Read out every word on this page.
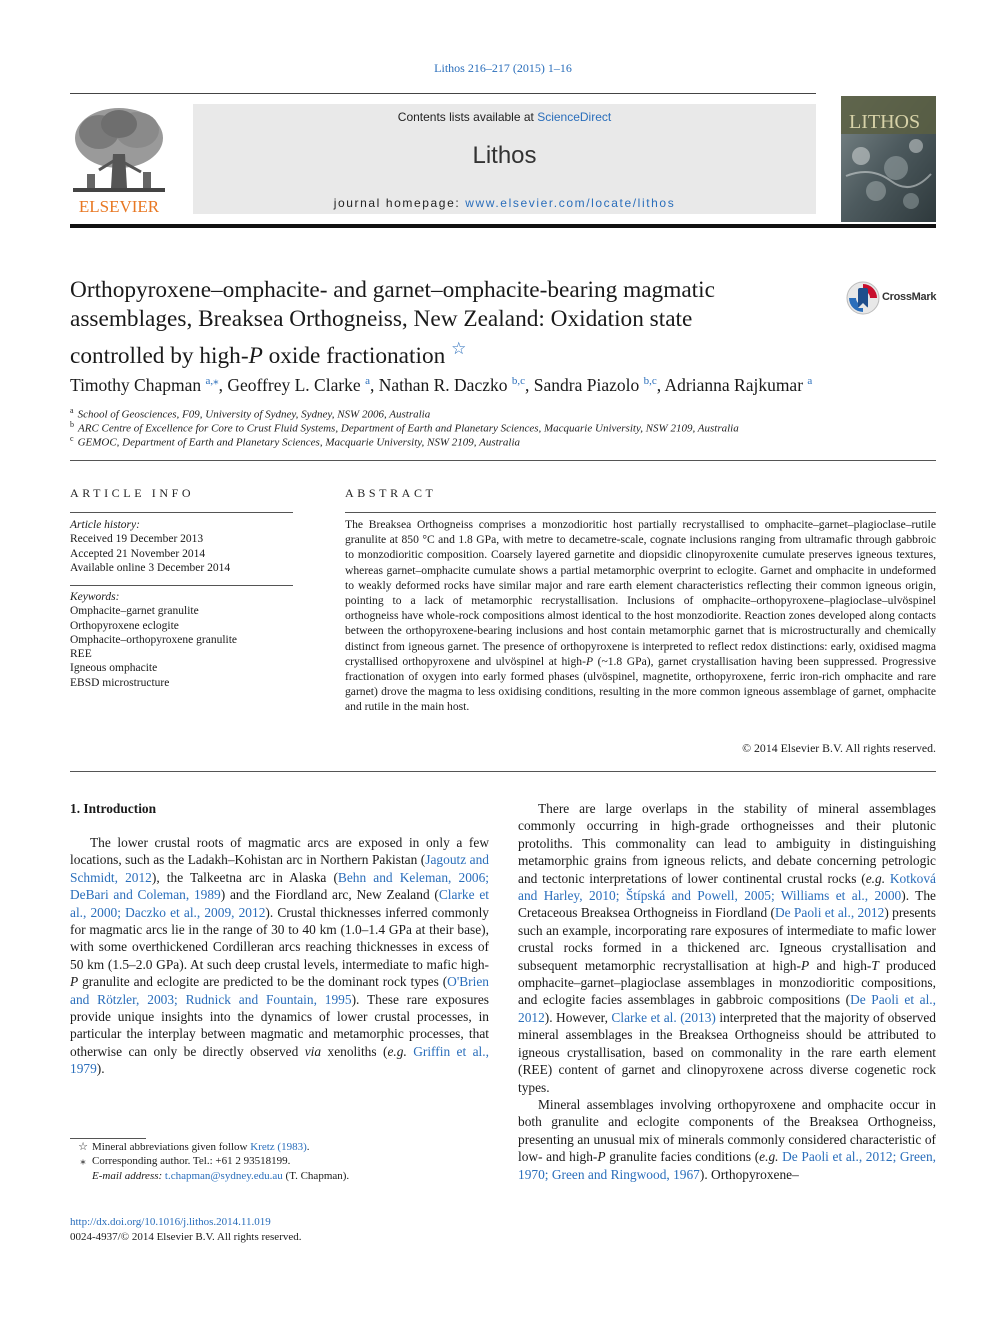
Lithos 216–217 (2015) 1–16
ELSEVIER
Contents lists available at ScienceDirect
Lithos
journal homepage: www.elsevier.com/locate/lithos
LITHOS
Orthopyroxene–omphacite- and garnet–omphacite-bearing magmatic assemblages, Breaksea Orthogneiss, New Zealand: Oxidation state controlled by high-P oxide fractionation ☆
CrossMark
Timothy Chapman $^{a,⁎}$, Geoffrey L. Clarke $^a$, Nathan R. Daczko $^{b,c}$, Sandra Piazolo $^{b,c}$, Adrianna Rajkumar $^a$
$^a$ School of Geosciences, F09, University of Sydney, Sydney, NSW 2006, Australia
$^b$ ARC Centre of Excellence for Core to Crust Fluid Systems, Department of Earth and Planetary Sciences, Macquarie University, NSW 2109, Australia
$^c$ GEMOC, Department of Earth and Planetary Sciences, Macquarie University, NSW 2109, Australia
ARTICLE INFO	ABSTRACT
Article history:
Received 19 December 2013
Accepted 21 November 2014
Available online 3 December 2014
Keywords:
Omphacite–garnet granulite
Orthopyroxene eclogite
Omphacite–orthopyroxene granulite
REE
Igneous omphacite
EBSD microstructure
The Breaksea Orthogneiss comprises a monzodioritic host partially recrystallised to omphacite–garnet–plagioclase–rutile granulite at 850 °C and 1.8 GPa, with metre to decametre-scale, cognate inclusions ranging from ultramafic through gabbroic to monzodioritic composition. Coarsely layered garnetite and diopsidic clinopyroxenite cumulate preserves igneous textures, whereas garnet–omphacite cumulate shows a partial metamorphic overprint to eclogite. Garnet and omphacite in undeformed to weakly deformed rocks have similar major and rare earth element characteristics reflecting their common igneous origin, pointing to a lack of metamorphic recrystallisation. Inclusions of omphacite–orthopyroxene–plagioclase–ulvöspinel orthogneiss have whole-rock compositions almost identical to the host monzodiorite. Reaction zones developed along contacts between the orthopyroxene-bearing inclusions and host contain metamorphic garnet that is microstructurally and chemically distinct from igneous garnet. The presence of orthopyroxene is interpreted to reflect redox distinctions: early, oxidised magma crystallised orthopyroxene and ulvöspinel at high-P (~1.8 GPa), garnet crystallisation having been suppressed. Progressive fractionation of oxygen into early formed phases (ulvöspinel, magnetite, orthopyroxene, ferric iron-rich omphacite and rare garnet) drove the magma to less oxidising conditions, resulting in the more common igneous assemblage of garnet, omphacite and rutile in the main host.
© 2014 Elsevier B.V. All rights reserved.
1. Introduction

The lower crustal roots of magmatic arcs are exposed in only a few locations, such as the Ladakh–Kohistan arc in Northern Pakistan (Jagoutz and Schmidt, 2012), the Talkeetna arc in Alaska (Behn and Keleman, 2006; DeBari and Coleman, 1989) and the Fiordland arc, New Zealand (Clarke et al., 2000; Daczko et al., 2009, 2012). Crustal thicknesses inferred commonly for magmatic arcs lie in the range of 30 to 40 km (1.0–1.4 GPa at their base), with some overthickened Cordilleran arcs reaching thicknesses in excess of 50 km (1.5–2.0 GPa). At such deep crustal levels, intermediate to mafic high-P granulite and eclogite are predicted to be the dominant rock types (O'Brien and Rötzler, 2003; Rudnick and Fountain, 1995). These rare exposures provide unique insights into the dynamics of lower crustal processes, in particular the interplay between magmatic and metamorphic processes, that otherwise can only be directly observed via xenoliths (e.g. Griffin et al., 1979).

There are large overlaps in the stability of mineral assemblages commonly occurring in high-grade orthogneisses and their plutonic protoliths. This commonality can lead to ambiguity in distinguishing metamorphic grains from igneous relicts, and debate concerning petrologic and tectonic interpretations of lower continental crustal rocks (e.g. Kotková and Harley, 2010; Štípská and Powell, 2005; Williams et al., 2000). The Cretaceous Breaksea Orthogneiss in Fiordland (De Paoli et al., 2012) presents such an example, incorporating rare exposures of intermediate to mafic lower crustal rocks formed in a thickened arc. Igneous crystallisation and subsequent metamorphic recrystallisation at high-P and high-T produced omphacite–garnet–plagioclase assemblages in monzodioritic compositions, and eclogite facies assemblages in gabbroic compositions (De Paoli et al., 2012). However, Clarke et al. (2013) interpreted that the majority of observed mineral assemblages in the Breaksea Orthogneiss should be attributed to igneous crystallisation, based on commonality in the rare earth element (REE) content of garnet and clinopyroxene across diverse cogenetic rock types.

Mineral assemblages involving orthopyroxene and omphacite occur in both granulite and eclogite components of the Breaksea Orthogneiss, presenting an unusual mix of minerals commonly considered characteristic of low- and high-P granulite facies conditions (e.g. De Paoli et al., 2012; Green, 1970; Green and Ringwood, 1967). Orthopyroxene–

☆ Mineral abbreviations given follow Kretz (1983).
⁎ Corresponding author. Tel.: +61 2 93518199.
E-mail address: t.chapman@sydney.edu.au (T. Chapman).
http://dx.doi.org/10.1016/j.lithos.2014.11.019
0024-4937/© 2014 Elsevier B.V. All rights reserved.
